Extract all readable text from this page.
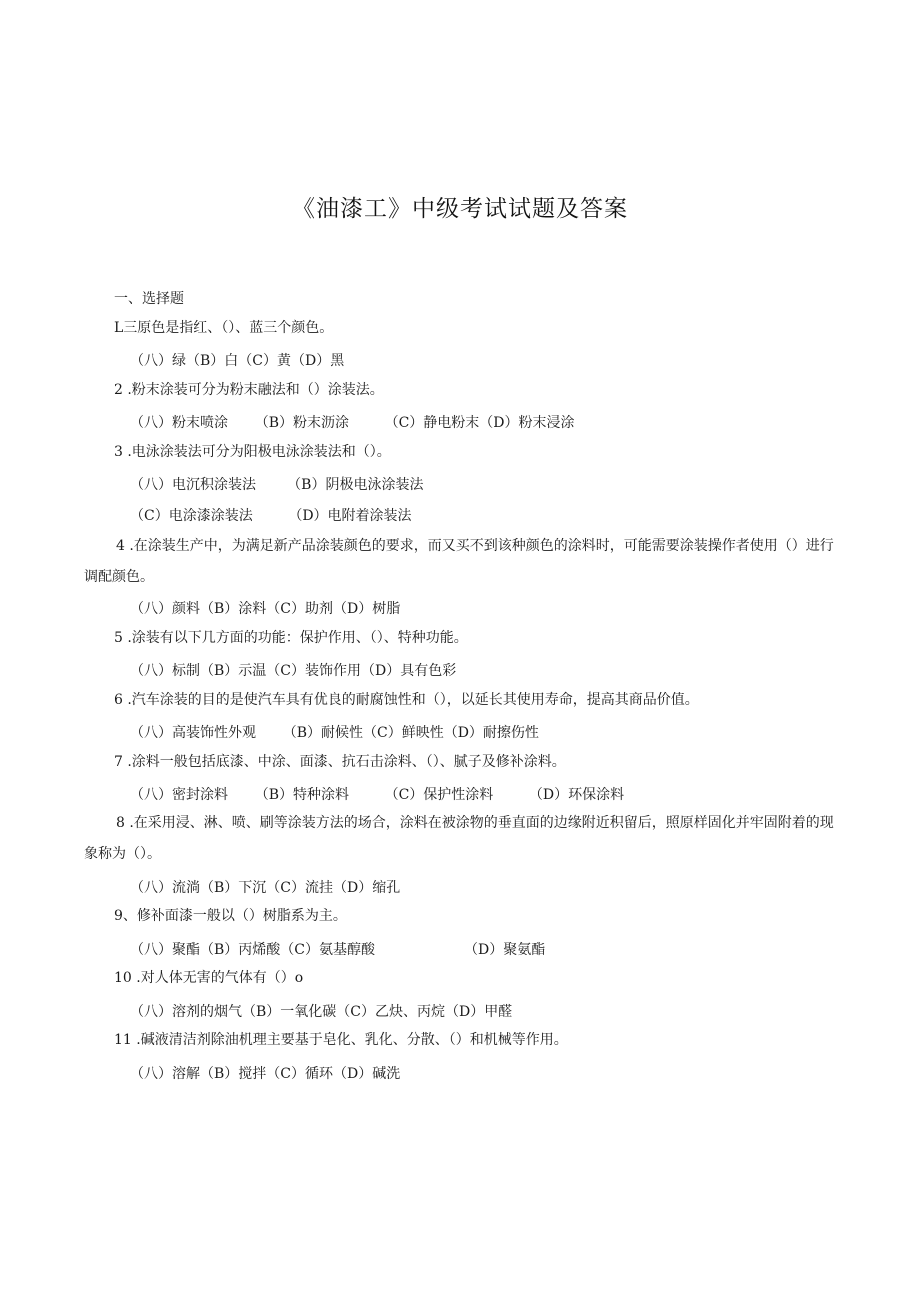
《油漆工》中级考试试题及答案
一、选择题
L三原色是指红、（）、蓝三个颜色。
（八）绿（B）白（C）黄（D）黑
2 .粉末涂装可分为粉末融法和（）涂装法。
（八）粉末喷涂      （B）粉末沥涂        （C）静电粉末（D）粉末浸涂
3 .电泳涂装法可分为阳极电泳涂装法和（）。
（八）电沉积涂装法       （B）阴极电泳涂装法
（C）电涂漆涂装法        （D）电附着涂装法
4 .在涂装生产中，为满足新产品涂装颜色的要求，而又买不到该种颜色的涂料时，可能需要涂装操作者使用（）进行调配颜色。
（八）颜料（B）涂料（C）助剂（D）树脂
5 .涂装有以下几方面的功能：保护作用、（）、特种功能。
（八）标制（B）示温（C）装饰作用（D）具有色彩
6 .汽车涂装的目的是使汽车具有优良的耐腐蚀性和（），以延长其使用寿命，提高其商品价值。
（八）高装饰性外观      （B）耐候性（C）鲜映性（D）耐擦伤性
7 .涂料一般包括底漆、中涂、面漆、抗石击涂料、（）、腻子及修补涂料。
（八）密封涂料      （B）特种涂料        （C）保护性涂料        （D）环保涂料
8 .在采用浸、淋、喷、刷等涂装方法的场合，涂料在被涂物的垂直面的边缘附近积留后，照原样固化并牢固附着的现象称为（）。
（八）流淌（B）下沉（C）流挂（D）缩孔
9、修补面漆一般以（）树脂系为主。
（八）聚酯（B）丙烯酸（C）氨基醇酸                    （D）聚氨酯
10 .对人体无害的气体有（）o
（八）溶剂的烟气（B）一氧化碳（C）乙炔、丙烷（D）甲醛
11 .碱液清洁剂除油机理主要基于皂化、乳化、分散、（）和机械等作用。
（八）溶解（B）搅拌（C）循环（D）碱洗
